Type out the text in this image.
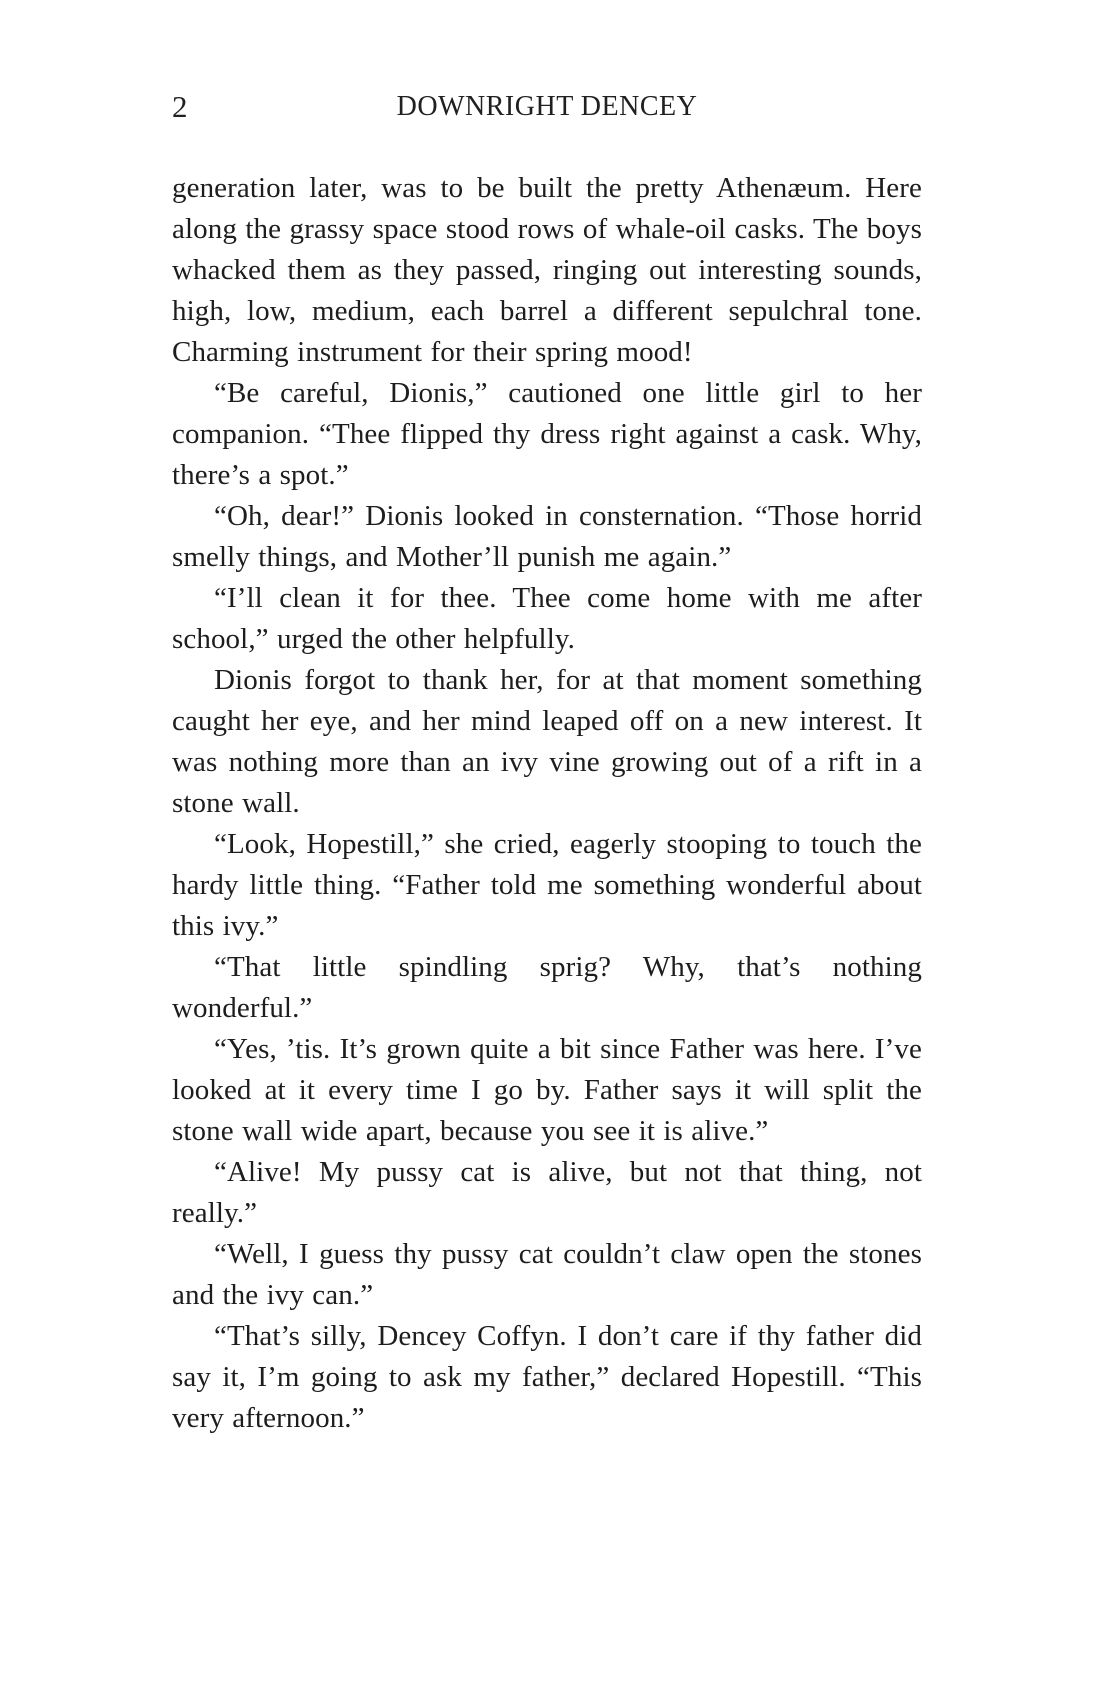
2	DOWNRIGHT DENCEY

generation later, was to be built the pretty Athenæum. Here along the grassy space stood rows of whale-oil casks. The boys whacked them as they passed, ringing out interesting sounds, high, low, medium, each barrel a different sepulchral tone. Charming instrument for their spring mood!

“Be careful, Dionis,” cautioned one little girl to her companion. “Thee flipped thy dress right against a cask. Why, there’s a spot.”

“Oh, dear!” Dionis looked in consternation. “Those horrid smelly things, and Mother’ll punish me again.”

“I’ll clean it for thee. Thee come home with me after school,” urged the other helpfully.

Dionis forgot to thank her, for at that moment something caught her eye, and her mind leaped off on a new interest. It was nothing more than an ivy vine growing out of a rift in a stone wall.

“Look, Hopestill,” she cried, eagerly stooping to touch the hardy little thing. “Father told me something wonderful about this ivy.”

“That little spindling sprig? Why, that’s nothing wonderful.”

“Yes, ’tis. It’s grown quite a bit since Father was here. I’ve looked at it every time I go by. Father says it will split the stone wall wide apart, because you see it is alive.”

“Alive! My pussy cat is alive, but not that thing, not really.”

“Well, I guess thy pussy cat couldn’t claw open the stones and the ivy can.”

“That’s silly, Dencey Coffyn. I don’t care if thy father did say it, I’m going to ask my father,” declared Hopestill. “This very afternoon.”
